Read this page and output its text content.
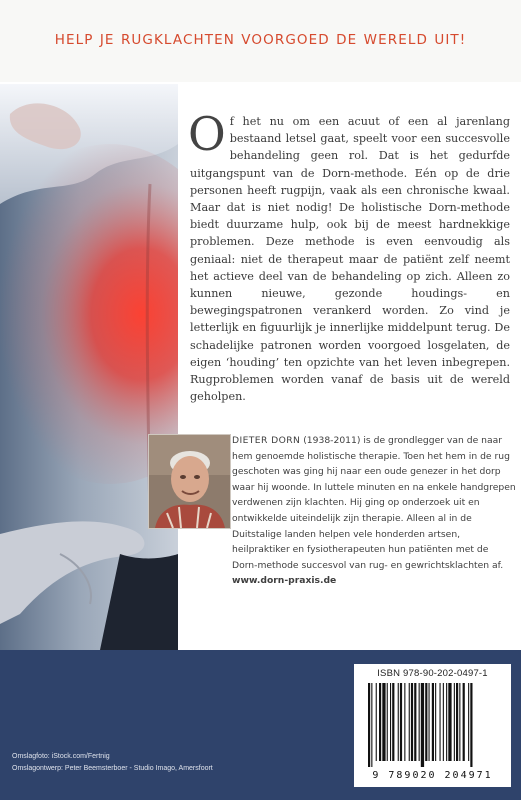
HELP JE RUGKLACHTEN VOORGOED DE WERELD UIT!
Of het nu om een acuut of een al jarenlang bestaand letsel gaat, speelt voor een succesvolle behandeling geen rol. Dat is het gedurfde uitgangspunt van de Dorn-methode. Eén op de drie personen heeft rugpijn, vaak als een chronische kwaal. Maar dat is niet nodig! De holistische Dorn-methode biedt duurzame hulp, ook bij de meest hardnekkige problemen. Deze methode is even eenvoudig als geniaal: niet de therapeut maar de patiënt zelf neemt het actieve deel van de behandeling op zich. Alleen zo kunnen nieuwe, gezonde houdings- en bewegingspatronen verankerd worden. Zo vind je letterlijk en figuurlijk je innerlijke middelpunt terug. De schadelijke patronen worden voorgoed losgelaten, de eigen ‘houding’ ten opzichte van het leven inbegrepen. Rugproblemen worden vanaf de basis uit de wereld geholpen.
DIETER DORN (1938-2011) is de grondlegger van de naar hem genoemde holistische therapie. Toen het hem in de rug geschoten was ging hij naar een oude genezer in het dorp waar hij woonde. In luttele minuten en na enkele handgrepen verdwenen zijn klachten. Hij ging op onderzoek uit en ontwikkelde uiteindelijk zijn therapie. Alleen al in de Duitstalige landen helpen vele honderden artsen, heilpraktiker en fysiotherapeuten hun patiënten met de Dorn-methode succesvol van rug- en gewrichtsklachten af. www.dorn-praxis.de
Omslagfoto: iStock.com/Fertnig
Omslagontwerp: Peter Beemsterboer - Studio Imago, Amersfoort
ISBN 978-90-202-0497-1
9 789020 204971
